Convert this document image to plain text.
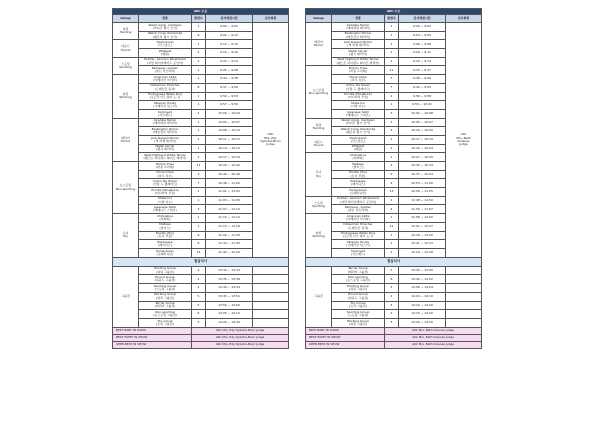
AKC 수요				
Group	견종	참견수	심사예정시간	심사위원
허딩
Herding	Welsh Corgi, Cardigan
(카디건 웰시 코기)	1	9:00 ~ 9:02	AKC
Mrs. Edy
Dykstra-Blum
Judge
	Welsh Corgi, Pembroke
(펨브록 웰시 코기)	9	9:02 ~ 9:13	
하운드
Hound	Dachshund
(닥스훈트)	1	9:13 ~ 9:15	
	Whippet
(휘핏)	2	9:15 ~ 9:20	
스포팅
Sporting	Pointer, German Wirehaired
(저먼 와이어헤어드 포인터)	1	9:22 ~ 9:24	
	Retriever, Golden
(골든 리트리버)	1	9:25 ~ 9:28	
워킹
Working	American Akita
(아메리칸 아키타)	1	9:34 ~ 9:38	
	Doberman Pinscher
(도베르만 핀셔)	8	9:37 ~ 9:50	
	Portuguese Water Dog
(포르투기즈 워터 도그)	1	9:50 ~ 9:53	
	Siberian Husky
(시베리안 허스키)	1	9:57 ~ 9:59	
	Samoyed
(사모예드)	2	10:00 ~ 10:04	
테리어
Terrier	Airedale Terrier
(에어데일 테리어)	1	10:05 ~ 10:07	
	Bedlington Terrier
(베들링턴 테리어)	1	10:08 ~ 10:10	
	Jack Russell Terrier
(잭 러셀 테리어)	1	10:11 ~ 10:13	
	Welsh terrier
(웰시 테리어)	1	10:14 ~ 10:15	
	West Highland White Terrier
(웨스트 하이랜드 화이트 테리어)	1	10:17 ~ 10:19	
논스포팅
Non-sporting	Bichon Frise
(비숑 프리제)	11	10:20 ~ 10:42	
	Chow Chow
(차우 차우)	3	10:40 ~ 10:46	
	Coton De Tulear
(코통 드 튈레아르)	7	10:46 ~ 11:00	
	Poodle (Miniature)
(미니어처 푸들)	1	11:01 ~ 11:03	
	Shiba Inu
(시바 이누)	1	11:03 ~ 11:06	
	Japanese Spitz
(재패니즈 스피츠)	3	11:07 ~ 11:10	
토이
Toy	Chihuahua
(치와와)	1	11:10 ~ 11:12	
	Maltese
(말티즈)	1	11:13 ~ 11:16	
	Poodle (Toy)
(토이 푸들)	9	11:16 ~ 11:30	
	Pekingese
(페키니즈)	8	11:34 ~ 11:45	
	Pomeranian
(포메라니안)	13	11:42 ~ 12:20	
점심식사				
그룹전	Herding Group
(허딩 그룹전)	2	13:30 ~ 13:33	
	Hound Group
(하운드 그룹전)	2	13:35 ~ 13:38	
	Sporting Group
(스포팅 그룹전)	2	13:40 ~ 13:44	
	Working Group
(워킹 그룹전)	5	13:45 ~ 13:51	
	Terrier Group
(테리어 그룹전)	5	13:50 ~ 14:00	
	Non-sporting
(논스포팅 그룹전)	6	14:05 ~ 14:12	
	Toy Group
(토이 그룹전)	5	14:20 ~ 14:30	
BEST BABY IN SHOW		AKC Mrs. Edy Dykstra-Blum Judge		
BEST PUPPY IN SHOW		AKC Mrs. Edy Dykstra-Blum Judge		
OPEN BEST IN SHOW		AKC Mrs. Edy Dykstra-Blum Judge		
AKC 수요				
Group	견종	참견수	심사예정시간	심사위원
테리어
Terrier	Airedale Terrier
(에어데일 테리어)	1	9:00 ~ 9:02	AKC
Mrs. Beth
Downes
Judge
	Bedlington Terrier
(베들링턴 테리어)	1	9:03 ~ 9:05	
	Jack Russell Terrier
(잭 러셀 테리어)	1	9:06 ~ 9:08	
	Welsh terrier
(웰시 테리어)	1	9:09 ~ 9:11	
	West Highland White Terrier
(웨스트 하이랜드 화이트 테리어)	1	9:12 ~ 9:14	
논스포팅
Non-sporting	Bichon Frise
(비숑 프리제)	11	9:15 ~ 9:37	
	Chow Chow
(차우 차우)	3	9:38 ~ 9:40	
	Coton De Tulear
(코통 드 튈레아르)	7	9:40 ~ 9:55	
	Poodle (Miniature)
(미니어처 푸들)	1	9:56 ~ 9:58	
	Shiba Inu
(시바 이누)	1	9:59 ~ 10:01	
	Japanese Spitz
(재패니즈 스피츠)	3	10:02 ~ 10:08	
허딩
Herding	Welsh Corgi, Cardigan
(카디건 웰시 코기)	1	10:05 ~ 10:07	
	Welsh Corgi, Pembroke
(펨브록 웰시 코기)	4	10:16 ~ 10:20	
하운드
Hound	Dachshund
(닥스훈트)	1	10:17 ~ 10:19	
	Whippet
(휘핏)	2	10:20 ~ 10:24	
토이
Toy	Chihuahua
(치와와)	1	10:27 ~ 10:29	
	Maltese
(말티즈)	2	10:30 ~ 10:34	
	Poodle (Toy)
(토이 푸들)	9	10:37 ~ 10:54	
	Pekingese
(페키니즈)	4	10:53 ~ 11:00	
	Pomeranian
(포메라니안)	13	10:59 ~ 11:25	
스포팅
Sporting	Pointer, German Wirehaired
(저먼 와이어헤어드 포인터)	1	11:48 ~ 11:50	
	Retriever, Golden
(골든 리트리버)	4	11:50 ~ 11:57	
워킹
Working	American Akita
(아메리칸 아키타)	1	11:58 ~ 12:00	
	Doberman Pinscher
(도베르만 핀셔)	12	12:01 ~ 12:27	
	Portuguese Water Dog
(포르투기즈 워터 도그)	1	12:18 ~ 12:20	
	Siberian Husky
(시베리안 허스키)	1	12:21 ~ 12:23	
	Samoyed
(사모예드)	2	12:24 ~ 12:28	
점심식사				
그룹전	Terrier Group
(테리어 그룹전)	5	13:30 ~ 13:40	
	Non-sporting
(논스포팅 그룹전)	6	13:40 ~ 13:52	
	Herding Group
(허딩 그룹전)	2	13:58 ~ 14:04	
	Hound Group
(하운드 그룹전)	2	14:04 ~ 14:10	
	Toy Group
(토이 그룹전)	5	14:10 ~ 14:20	
	Sporting Group
(스포팅 그룹전)	2	14:15 ~ 14:20	
	Working Group
(워킹 그룹전)	5	14:20 ~ 14:30	
BEST BABY IN SHOW		AKC Mrs. Beth Downes Judge		
BEST PUPPY IN SHOW		AKC Mrs. Beth Downes Judge		
OPEN BEST IN SHOW		AKC Mrs. Beth Downes Judge		
